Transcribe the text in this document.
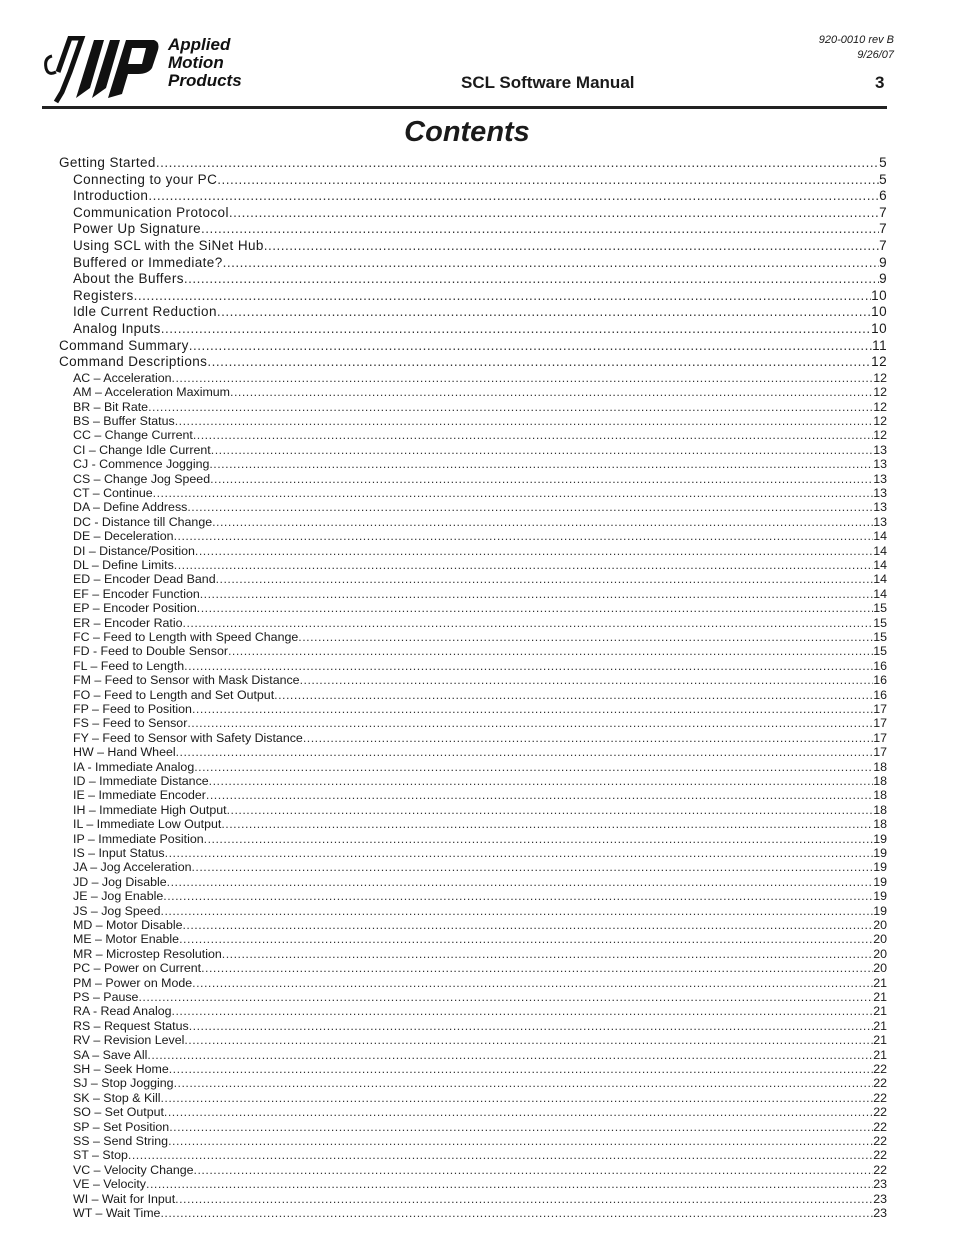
Applied
Motion
Products
920-0010 rev B
9/26/07
SCL Software Manual	3
Contents
Getting Started .....	5
Connecting to your PC .....	5
Introduction .....	6
Communication Protocol .....	7
Power Up Signature .....	7
Using SCL with the SiNet Hub .....	7
Buffered or Immediate? .....	9
About the Buffers .....	9
Registers .....	10
Idle Current Reduction .....	10
Analog Inputs .....	10
Command Summary .....	11
Command Descriptions .....	12
AC – Acceleration .....	12
AM – Acceleration Maximum .....	12
BR – Bit Rate .....	12
BS – Buffer Status .....	12
CC – Change Current .....	12
CI – Change Idle Current .....	13
CJ - Commence Jogging .....	13
CS – Change Jog Speed .....	13
CT – Continue .....	13
DA – Define Address .....	13
DC - Distance till Change .....	13
DE – Deceleration .....	14
DI – Distance/Position .....	14
DL – Define Limits .....	14
ED – Encoder Dead Band .....	14
EF – Encoder Function .....	14
EP – Encoder Position .....	15
ER – Encoder Ratio .....	15
FC – Feed to Length with Speed Change .....	15
FD - Feed to Double Sensor .....	15
FL – Feed to Length .....	16
FM – Feed to Sensor with Mask Distance .....	16
FO – Feed to Length and Set Output .....	16
FP – Feed to Position .....	17
FS – Feed to Sensor .....	17
FY – Feed to Sensor with Safety Distance .....	17
HW – Hand Wheel .....	17
IA - Immediate Analog .....	18
ID – Immediate Distance .....	18
IE – Immediate Encoder .....	18
IH – Immediate High Output .....	18
IL – Immediate Low Output .....	18
IP – Immediate Position .....	19
IS – Input Status .....	19
JA – Jog Acceleration .....	19
JD – Jog Disable .....	19
JE – Jog Enable .....	19
JS – Jog Speed .....	19
MD – Motor Disable .....	20
ME – Motor Enable .....	20
MR – Microstep Resolution .....	20
PC – Power on Current .....	20
PM – Power on Mode .....	21
PS – Pause .....	21
RA - Read Analog .....	21
RS – Request Status .....	21
RV – Revision Level .....	21
SA – Save All .....	21
SH – Seek Home .....	22
SJ – Stop Jogging .....	22
SK – Stop & Kill .....	22
SO – Set Output .....	22
SP – Set Position .....	22
SS – Send String .....	22
ST – Stop .....	22
VC – Velocity Change .....	22
VE – Velocity .....	23
WI – Wait for Input .....	23
WT – Wait Time .....	23
